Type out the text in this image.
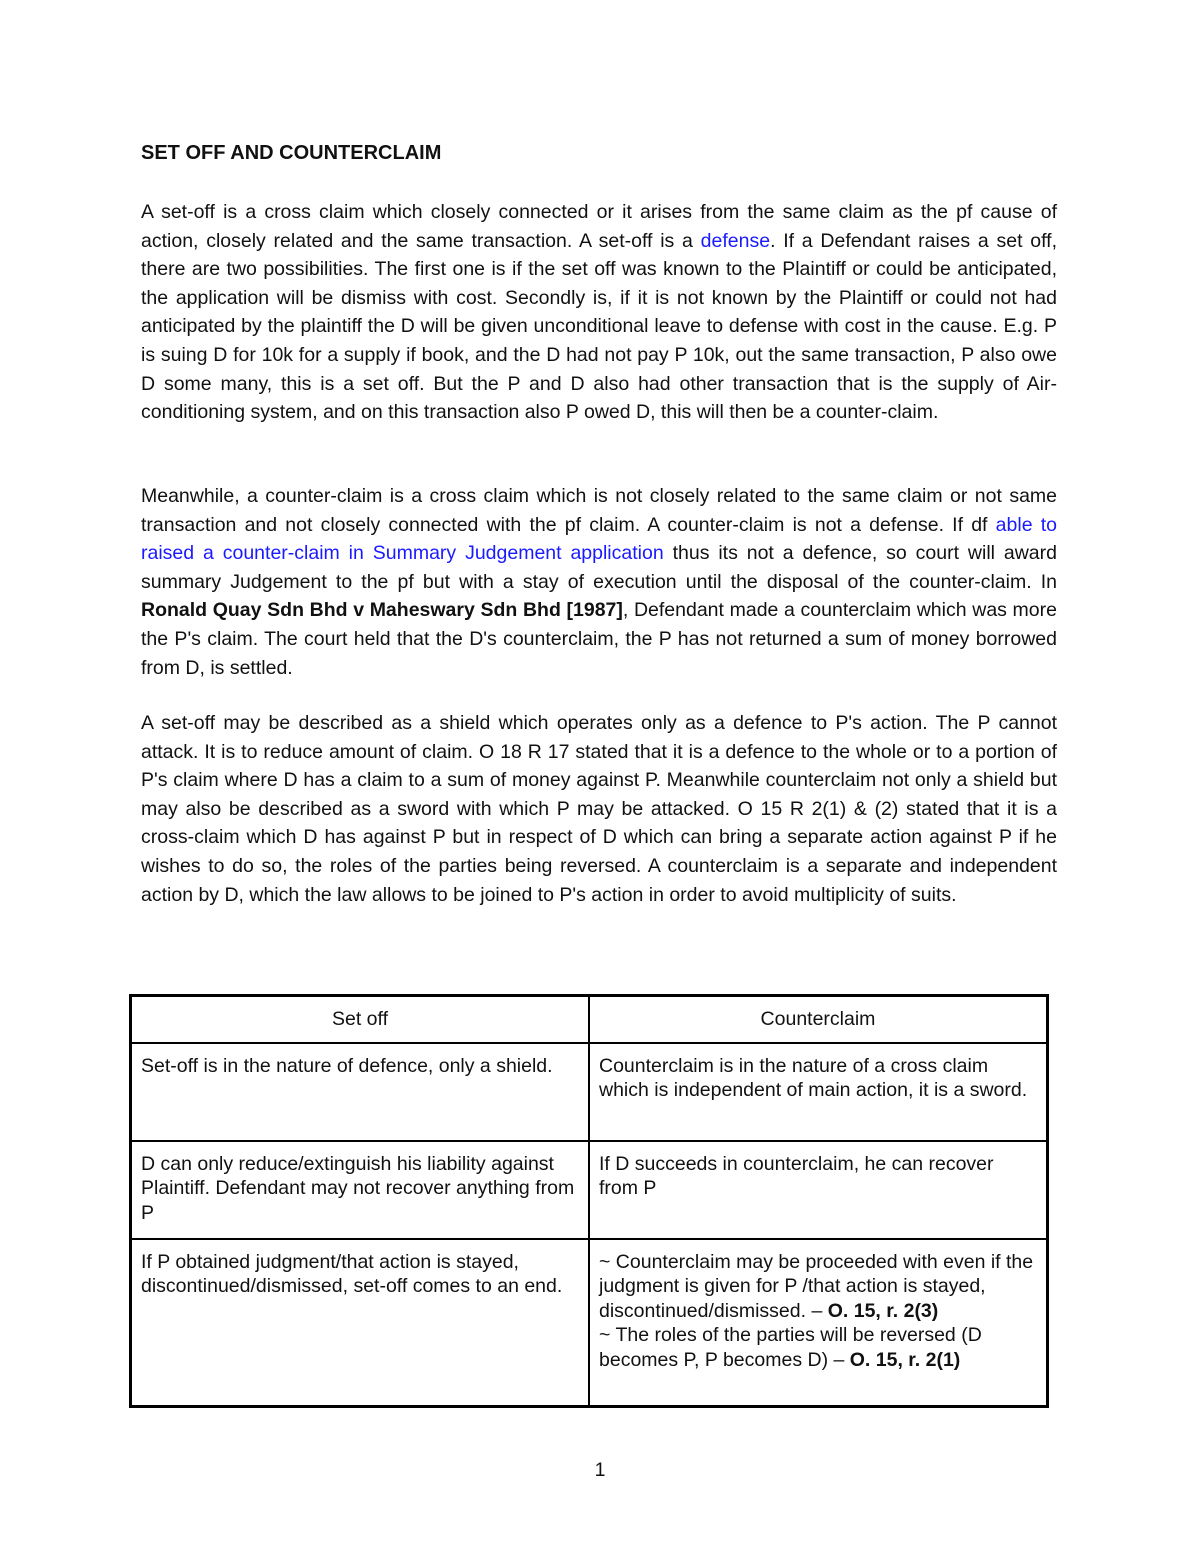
SET OFF AND COUNTERCLAIM

A set-off is a cross claim which closely connected or it arises from the same claim as the pf cause of action, closely related and the same transaction. A set-off is a defense. If a Defendant raises a set off, there are two possibilities. The first one is if the set off was known to the Plaintiff or could be anticipated, the application will be dismiss with cost. Secondly is, if it is not known by the Plaintiff or could not had anticipated by the plaintiff the D will be given unconditional leave to defense with cost in the cause. E.g. P is suing D for 10k for a supply if book, and the D had not pay P 10k, out the same transaction, P also owe D some many, this is a set off. But the P and D also had other transaction that is the supply of Air-conditioning system, and on this transaction also P owed D, this will then be a counter-claim.

Meanwhile, a counter-claim is a cross claim which is not closely related to the same claim or not same transaction and not closely connected with the pf claim. A counter-claim is not a defense. If df able to raised a counter-claim in Summary Judgement application thus its not a defence, so court will award summary Judgement to the pf but with a stay of execution until the disposal of the counter-claim. In Ronald Quay Sdn Bhd v Maheswary Sdn Bhd [1987], Defendant made a counterclaim which was more the P's claim. The court held that the D's counterclaim, the P has not returned a sum of money borrowed from D, is settled.

A set-off may be described as a shield which operates only as a defence to P's action. The P cannot attack. It is to reduce amount of claim. O 18 R 17 stated that it is a defence to the whole or to a portion of P's claim where D has a claim to a sum of money against P. Meanwhile counterclaim not only a shield but may also be described as a sword with which P may be attacked. O 15 R 2(1) & (2) stated that it is a cross-claim which D has against P but in respect of D which can bring a separate action against P if he wishes to do so, the roles of the parties being reversed. A counterclaim is a separate and independent action by D, which the law allows to be joined to P's action in order to avoid multiplicity of suits.

Set off	Counterclaim
Set-off is in the nature of defence, only a shield.	Counterclaim is in the nature of a cross claim which is independent of main action, it is a sword.
D can only reduce/extinguish his liability against Plaintiff. Defendant may not recover anything from P	If D succeeds in counterclaim, he can recover from P
If P obtained judgment/that action is stayed, discontinued/dismissed, set-off comes to an end.	~ Counterclaim may be proceeded with even if the judgment is given for P /that action is stayed, discontinued/dismissed. – O. 15, r. 2(3)
~ The roles of the parties will be reversed (D becomes P, P becomes D) – O. 15, r. 2(1)
1
